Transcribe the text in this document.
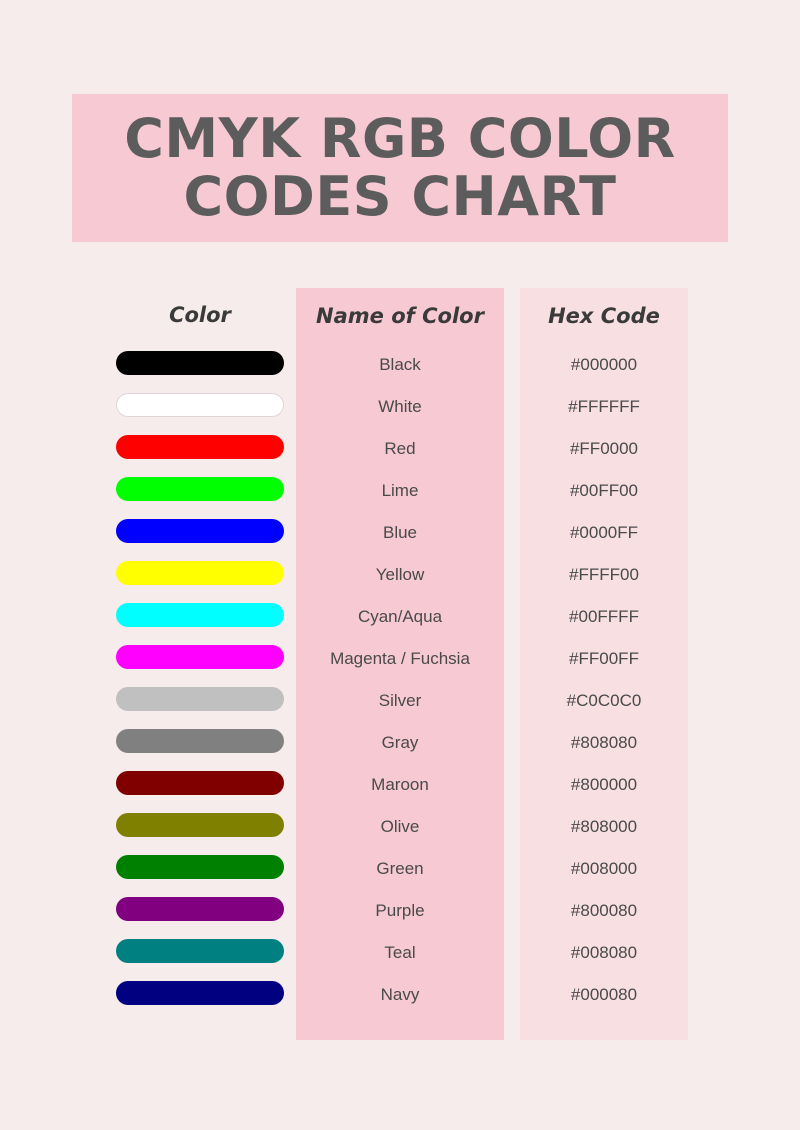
CMYK RGB COLOR CODES CHART
Color	Name of Color
Black
White
Red
Lime
Blue
Yellow
Cyan/Aqua
Magenta / Fuchsia
Silver
Gray
Maroon
Olive
Green
Purple
Teal
Navy
Hex Code
#000000
#FFFFFF
#FF0000
#00FF00
#0000FF
#FFFF00
#00FFFF
#FF00FF
#C0C0C0
#808080
#800000
#808000
#008000
#800080
#008080
#000080
